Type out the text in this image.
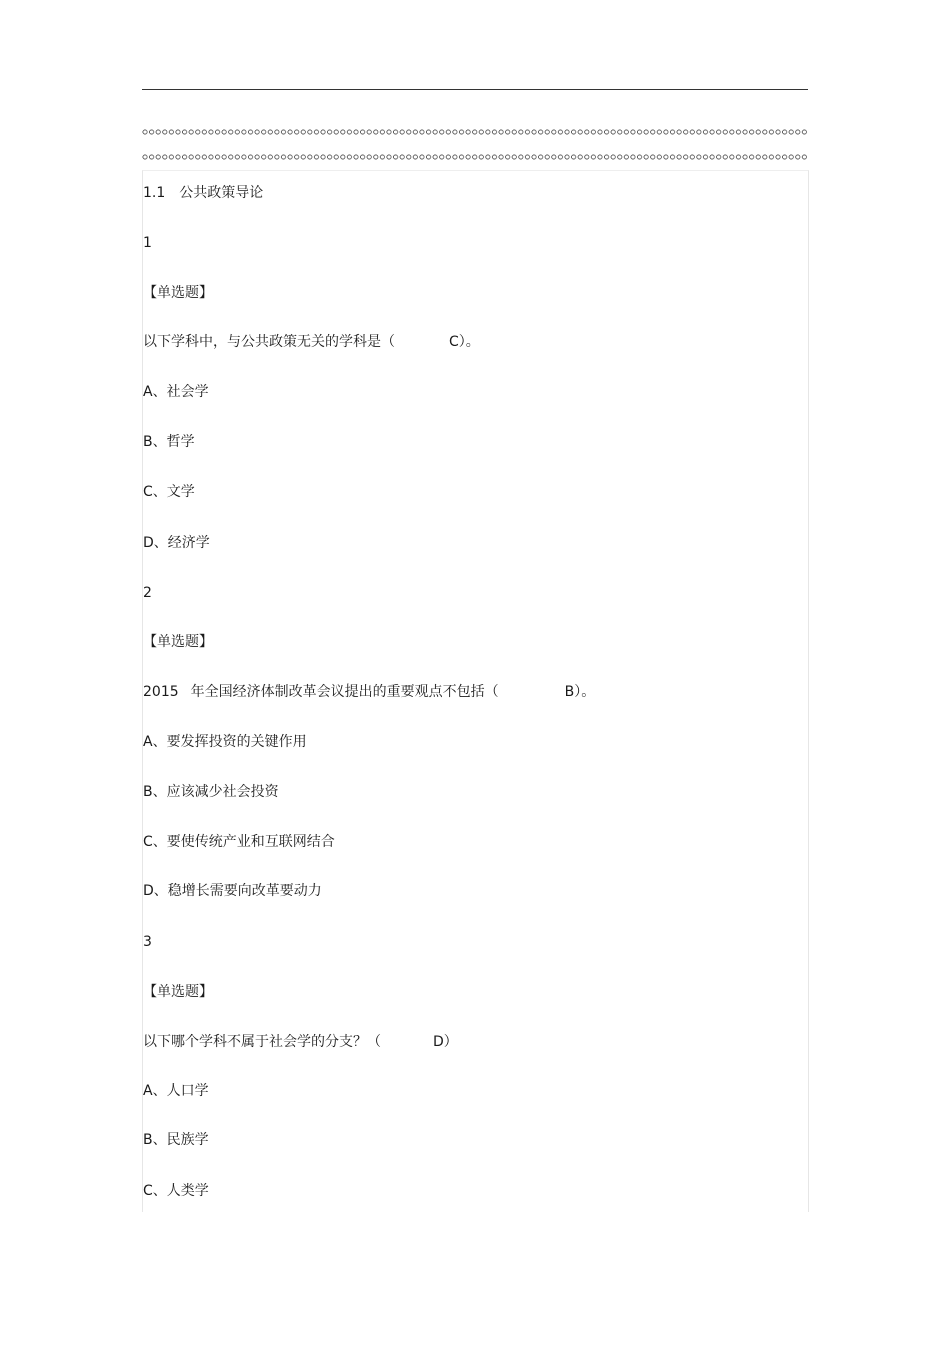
1.1　公共政策导论
1
【单选题】
以下学科中，与公共政策无关的学科是（	C）。
A、社会学
B、哲学
C、文学
D、经济学
2
【单选题】
2015 年全国经济体制改革会议提出的重要观点不包括（	B）。
A、要发挥投资的关键作用
B、应该减少社会投资
C、要使传统产业和互联网结合
D、稳增长需要向改革要动力
3
【单选题】
以下哪个学科不属于社会学的分支？（	D）
A、人口学
B、民族学
C、人类学
